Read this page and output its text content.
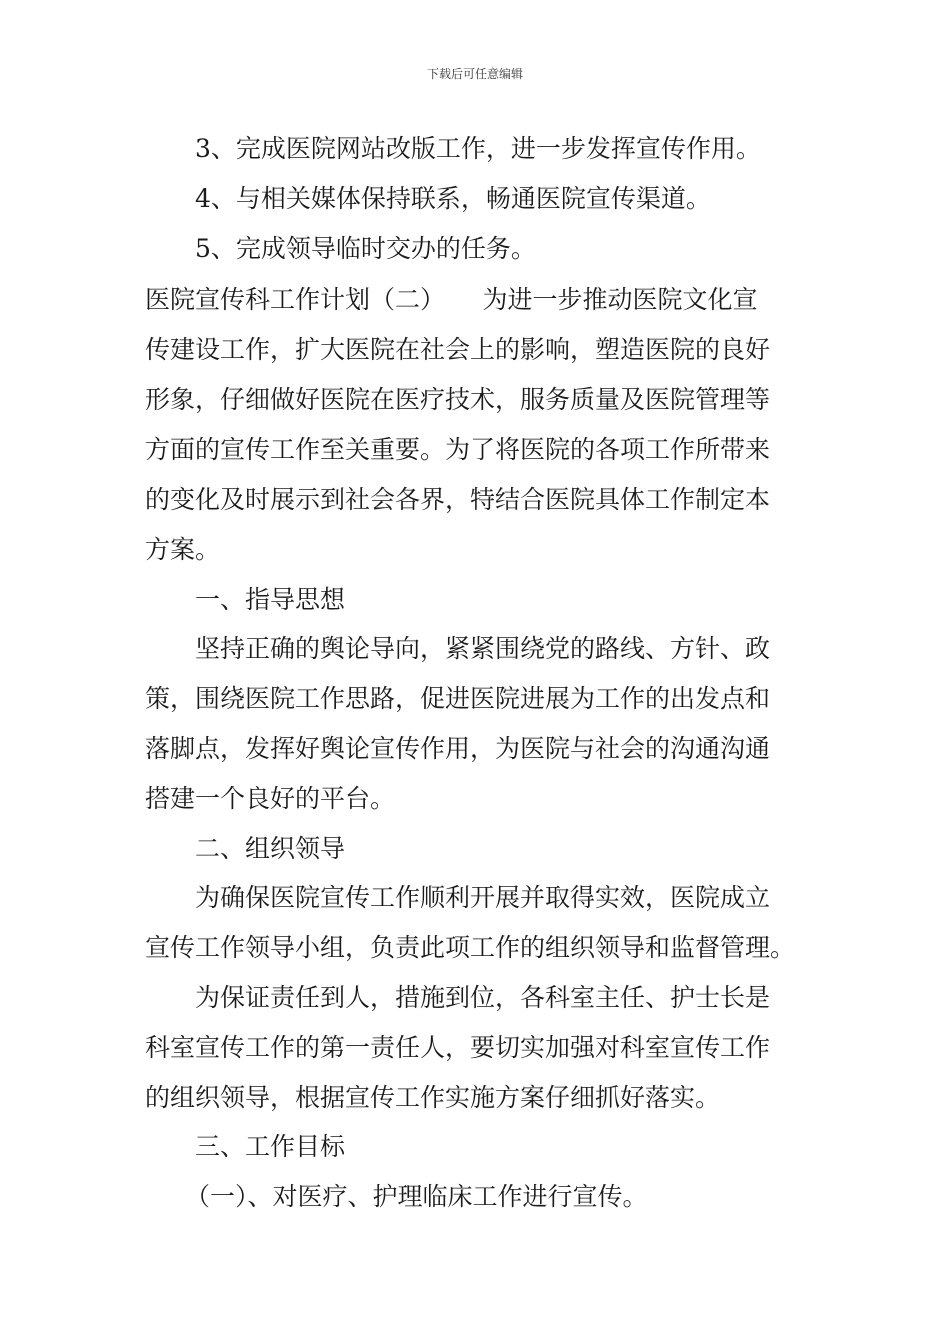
下载后可任意编辑
3、完成医院网站改版工作，进一步发挥宣传作用。
4、与相关媒体保持联系，畅通医院宣传渠道。
5、完成领导临时交办的任务。
医院宣传科工作计划（二）　　为进一步推动医院文化宣
传建设工作，扩大医院在社会上的影响，塑造医院的良好
形象，仔细做好医院在医疗技术，服务质量及医院管理等
方面的宣传工作至关重要。为了将医院的各项工作所带来
的变化及时展示到社会各界，特结合医院具体工作制定本
方案。
一、指导思想
坚持正确的舆论导向，紧紧围绕党的路线、方针、政
策，围绕医院工作思路，促进医院进展为工作的出发点和
落脚点，发挥好舆论宣传作用，为医院与社会的沟通沟通
搭建一个良好的平台。
二、组织领导
为确保医院宣传工作顺利开展并取得实效，医院成立
宣传工作领导小组，负责此项工作的组织领导和监督管理。
为保证责任到人，措施到位，各科室主任、护士长是
科室宣传工作的第一责任人，要切实加强对科室宣传工作
的组织领导，根据宣传工作实施方案仔细抓好落实。
三、工作目标
（一）、对医疗、护理临床工作进行宣传。
